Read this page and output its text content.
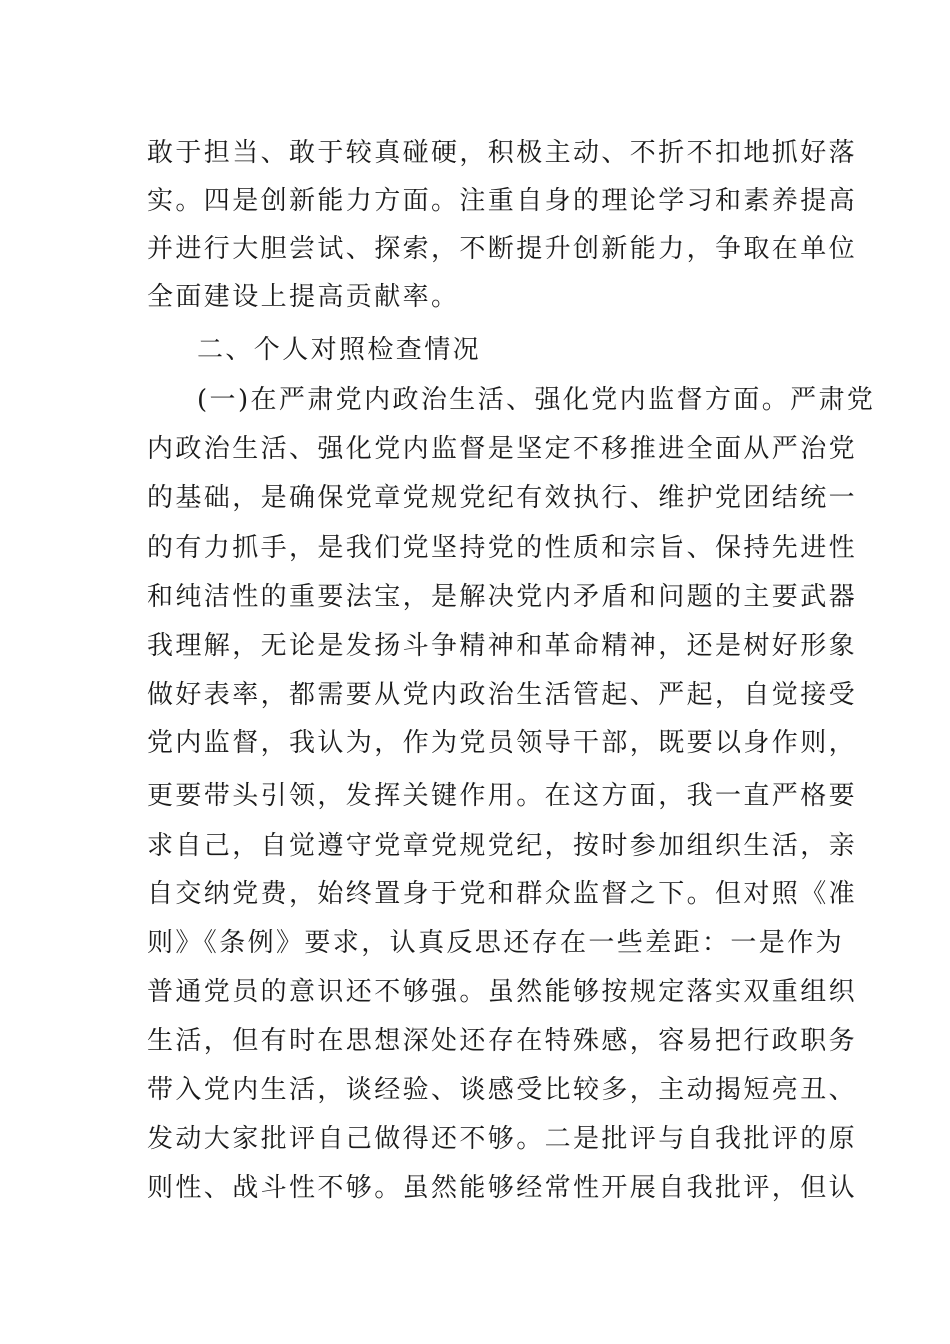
敢于担当、敢于较真碰硬，积极主动、不折不扣地抓好落
实。四是创新能力方面。注重自身的理论学习和素养提高
并进行大胆尝试、探索，不断提升创新能力，争取在单位
全面建设上提高贡献率。
二、个人对照检查情况
(一)在严肃党内政治生活、强化党内监督方面。严肃党
内政治生活、强化党内监督是坚定不移推进全面从严治党
的基础，是确保党章党规党纪有效执行、维护党团结统一
的有力抓手，是我们党坚持党的性质和宗旨、保持先进性
和纯洁性的重要法宝，是解决党内矛盾和问题的主要武器
我理解，无论是发扬斗争精神和革命精神，还是树好形象
做好表率，都需要从党内政治生活管起、严起，自觉接受
党内监督，我认为，作为党员领导干部，既要以身作则，
更要带头引领，发挥关键作用。在这方面，我一直严格要
求自己，自觉遵守党章党规党纪，按时参加组织生活，亲
自交纳党费，始终置身于党和群众监督之下。但对照《准
则》《条例》要求，认真反思还存在一些差距：一是作为
普通党员的意识还不够强。虽然能够按规定落实双重组织
生活，但有时在思想深处还存在特殊感，容易把行政职务
带入党内生活，谈经验、谈感受比较多，主动揭短亮丑、
发动大家批评自己做得还不够。二是批评与自我批评的原
则性、战斗性不够。虽然能够经常性开展自我批评，但认
